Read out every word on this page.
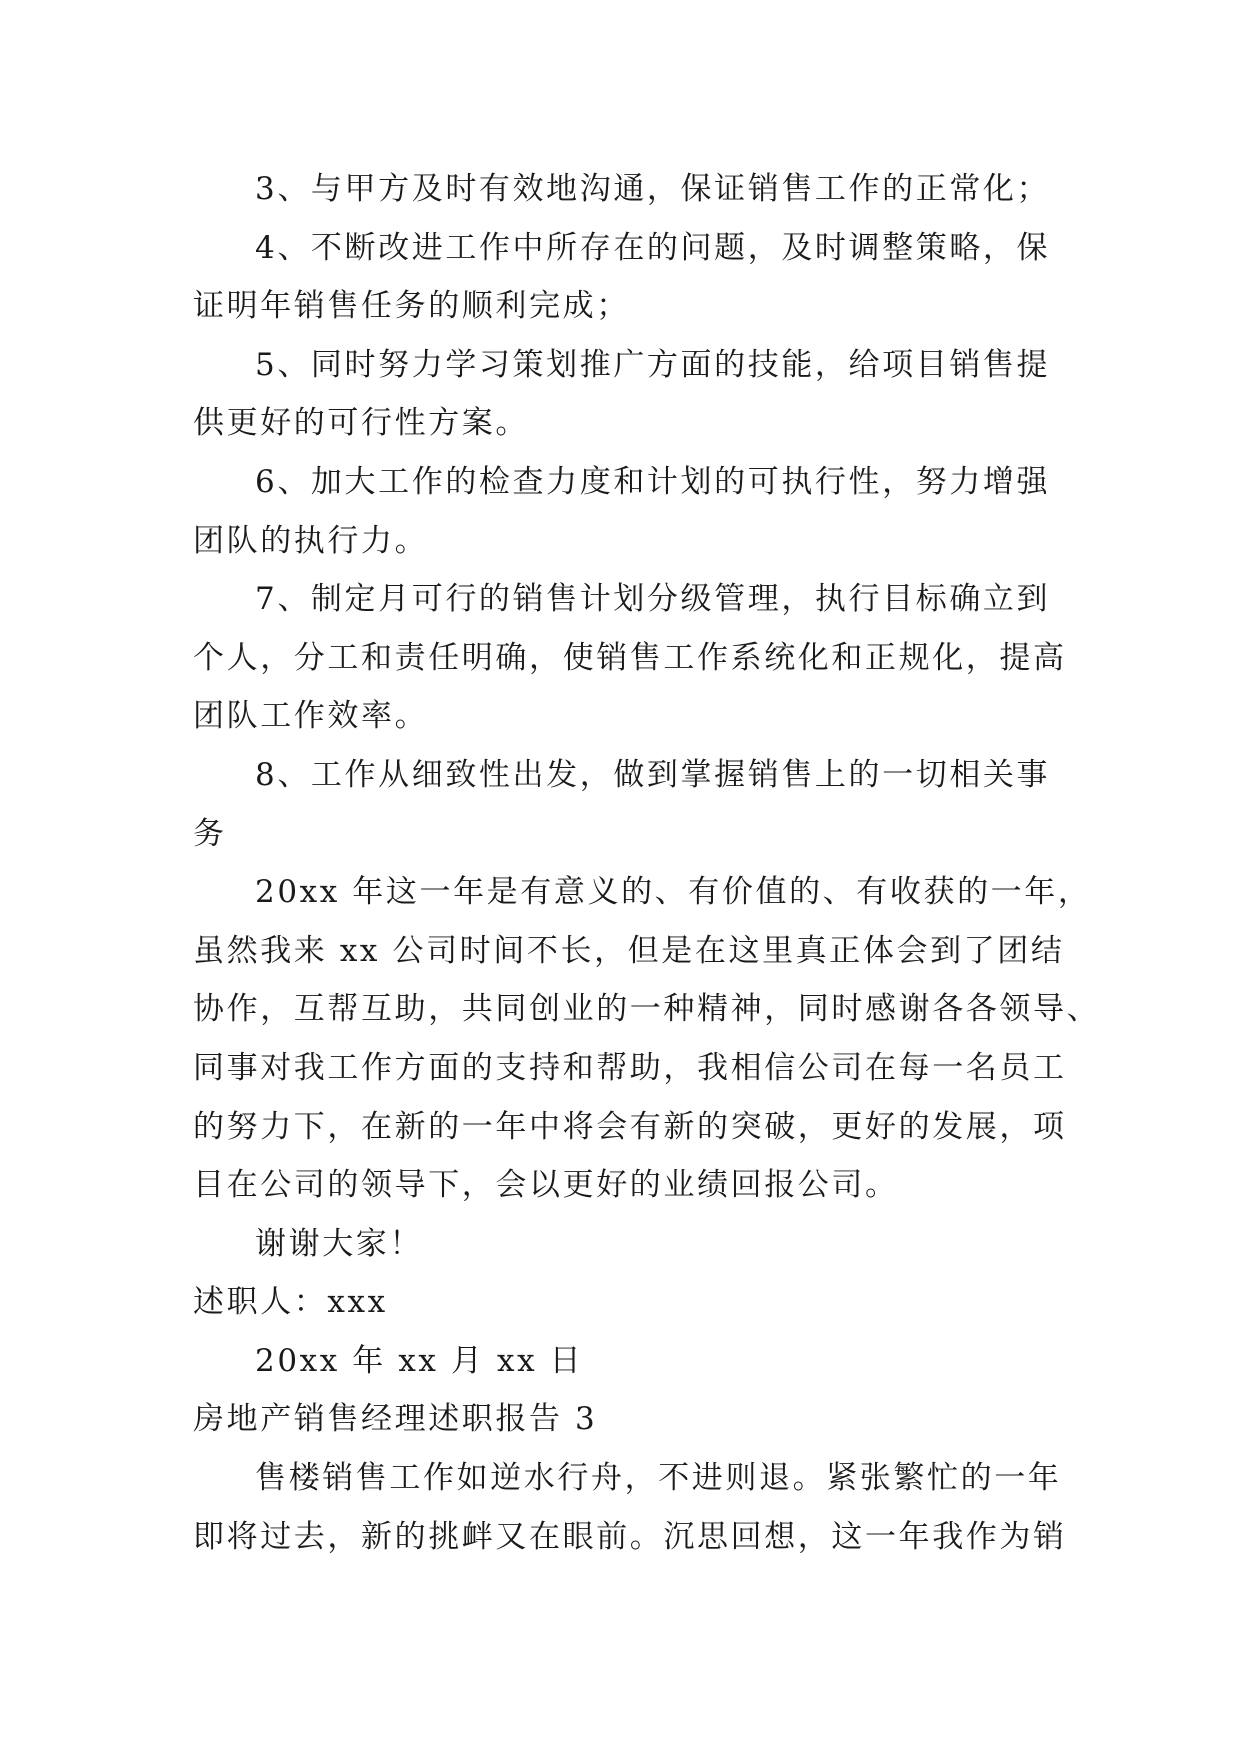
3、与甲方及时有效地沟通，保证销售工作的正常化；
4、不断改进工作中所存在的问题，及时调整策略，保
证明年销售任务的顺利完成；
5、同时努力学习策划推广方面的技能，给项目销售提
供更好的可行性方案。
6、加大工作的检查力度和计划的可执行性，努力增强
团队的执行力。
7、制定月可行的销售计划分级管理，执行目标确立到
个人，分工和责任明确，使销售工作系统化和正规化，提高
团队工作效率。
8、工作从细致性出发，做到掌握销售上的一切相关事
务
20xx 年这一年是有意义的、有价值的、有收获的一年，
虽然我来 xx 公司时间不长，但是在这里真正体会到了团结
协作，互帮互助，共同创业的一种精神，同时感谢各各领导、
同事对我工作方面的支持和帮助，我相信公司在每一名员工
的努力下，在新的一年中将会有新的突破，更好的发展，项
目在公司的领导下，会以更好的业绩回报公司。
谢谢大家！
述职人：xxx
20xx 年 xx 月 xx 日
房地产销售经理述职报告 3
售楼销售工作如逆水行舟，不进则退。紧张繁忙的一年
即将过去，新的挑衅又在眼前。沉思回想，这一年我作为销
